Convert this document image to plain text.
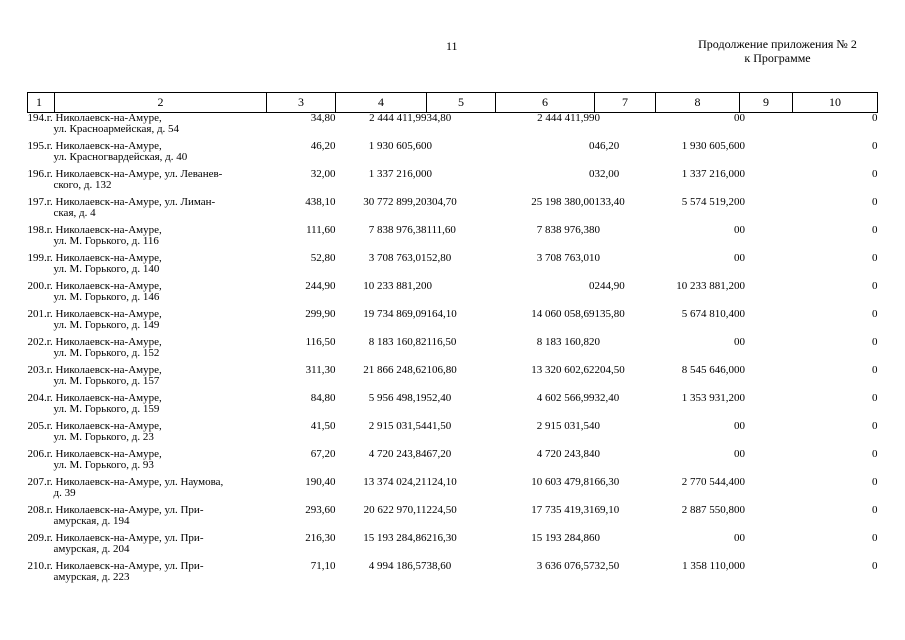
11	Продолжение приложения № 2
к Программе
1	2	3	4	5	6	7	8	9	10

194.г. Николаевск-на-Амуре,
ул. Красноармейская, д. 54		34,80	2 444 411,99	34,80	2 444 411,99	0	0	0	0

195.г. Николаевск-на-Амуре,
ул. Красногвардейская, д. 40		46,20	1 930 605,60	0	0	46,20	1 930 605,60	0	0

196.г. Николаевск-на-Амуре, ул. Леванев-
ского, д. 132		32,00	1 337 216,00	0	0	32,00	1 337 216,00	0	0

197.г. Николаевск-на-Амуре, ул. Лиман-
ская, д. 4		438,10	30 772 899,20	304,70	25 198 380,00	133,40	5 574 519,20	0	0

198.г. Николаевск-на-Амуре,
ул. М. Горького, д. 116		111,60	7 838 976,38	111,60	7 838 976,38	0	0	0	0

199.г. Николаевск-на-Амуре,
ул. М. Горького, д. 140		52,80	3 708 763,01	52,80	3 708 763,01	0	0	0	0

200.г. Николаевск-на-Амуре,
ул. М. Горького, д. 146		244,90	10 233 881,20	0	0	244,90	10 233 881,20	0	0

201.г. Николаевск-на-Амуре,
ул. М. Горького, д. 149		299,90	19 734 869,09	164,10	14 060 058,69	135,80	5 674 810,40	0	0

202.г. Николаевск-на-Амуре,
ул. М. Горького, д. 152		116,50	8 183 160,82	116,50	8 183 160,82	0	0	0	0

203.г. Николаевск-на-Амуре,
ул. М. Горького, д. 157		311,30	21 866 248,62	106,80	13 320 602,62	204,50	8 545 646,00	0	0

204.г. Николаевск-на-Амуре,
ул. М. Горького, д. 159		84,80	5 956 498,19	52,40	4 602 566,99	32,40	1 353 931,20	0	0

205.г. Николаевск-на-Амуре,
ул. М. Горького, д. 23		41,50	2 915 031,54	41,50	2 915 031,54	0	0	0	0

206.г. Николаевск-на-Амуре,
ул. М. Горького, д. 93		67,20	4 720 243,84	67,20	4 720 243,84	0	0	0	0

207.г. Николаевск-на-Амуре, ул. Наумова,
д. 39		190,40	13 374 024,21	124,10	10 603 479,81	66,30	2 770 544,40	0	0

208.г. Николаевск-на-Амуре, ул. При-
амурская, д. 194		293,60	20 622 970,11	224,50	17 735 419,31	69,10	2 887 550,80	0	0

209.г. Николаевск-на-Амуре, ул. При-
амурская, д. 204		216,30	15 193 284,86	216,30	15 193 284,86	0	0	0	0

210.г. Николаевск-на-Амуре, ул. При-
амурская, д. 223		71,10	4 994 186,57	38,60	3 636 076,57	32,50	1 358 110,00	0	0
